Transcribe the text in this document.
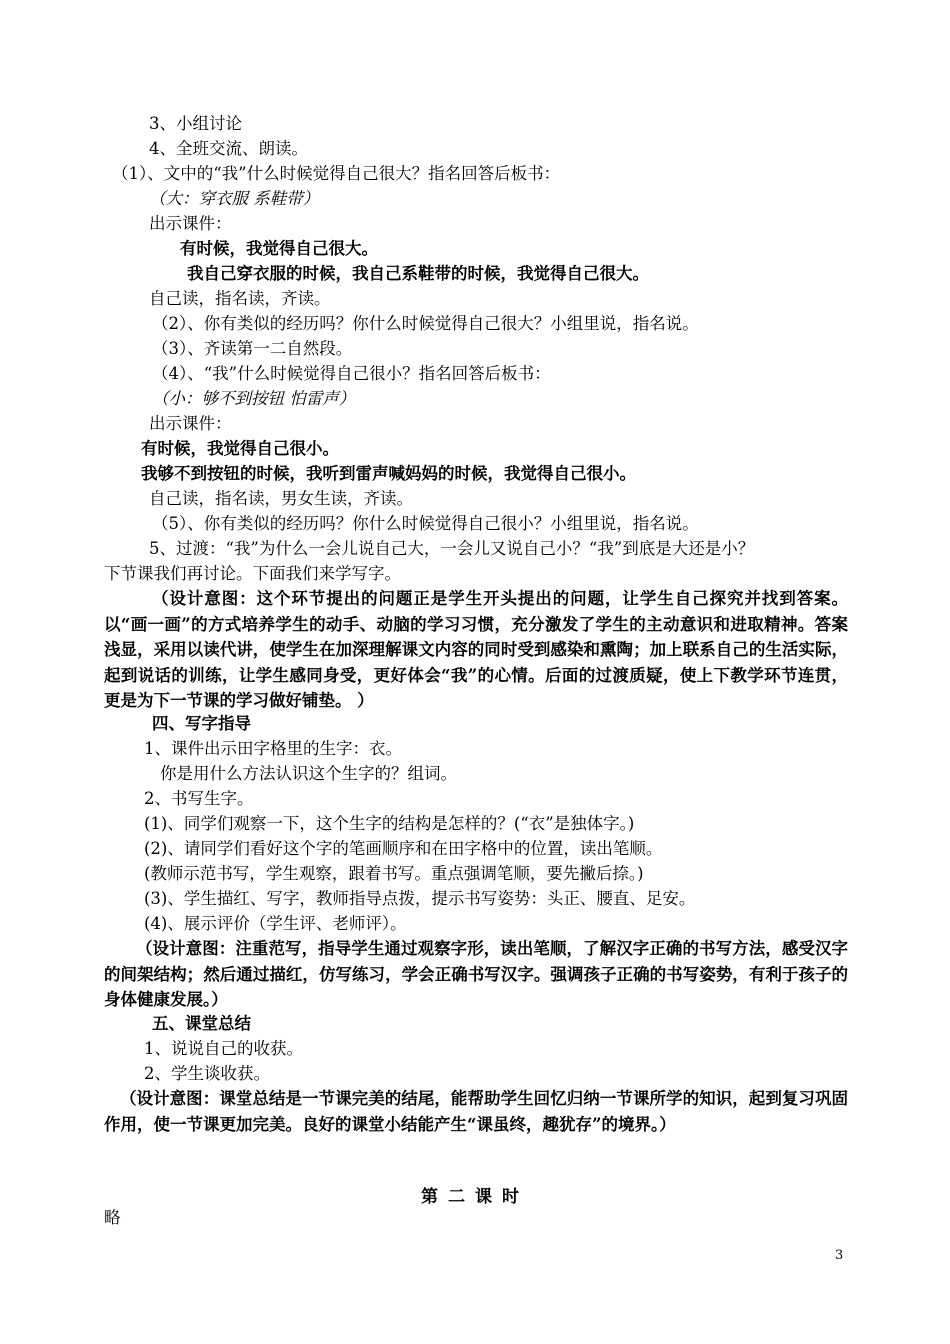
3、小组讨论
4、全班交流、朗读。
（1）、文中的“我”什么时候觉得自己很大？指名回答后板书：
（大：穿衣服 系鞋带）
出示课件：
有时候，我觉得自己很大。
我自己穿衣服的时候，我自己系鞋带的时候，我觉得自己很大。
自己读，指名读，齐读。
（2）、你有类似的经历吗？你什么时候觉得自己很大？小组里说，指名说。
（3）、齐读第一二自然段。
（4）、“我”什么时候觉得自己很小？指名回答后板书：
（小：够不到按钮 怕雷声）
出示课件：
有时候，我觉得自己很小。
我够不到按钮的时候，我听到雷声喊妈妈的时候，我觉得自己很小。
自己读，指名读，男女生读，齐读。
（5）、你有类似的经历吗？你什么时候觉得自己很小？小组里说，指名说。
5、过渡：“我”为什么一会儿说自己大，一会儿又说自己小？“我”到底是大还是小？
下节课我们再讨论。下面我们来学写字。
（设计意图：这个环节提出的问题正是学生开头提出的问题，让学生自己探究并找到答案。以“画一画”的方式培养学生的动手、动脑的学习习惯，充分激发了学生的主动意识和进取精神。答案浅显，采用以读代讲，使学生在加深理解课文内容的同时受到感染和熏陶；加上联系自己的生活实际，起到说话的训练，让学生感同身受，更好体会“我”的心情。后面的过渡质疑，使上下教学环节连贯，更是为下一节课的学习做好铺垫。 ）
四、写字指导
1、课件出示田字格里的生字：衣。
你是用什么方法认识这个生字的？组词。
2、书写生字。
(1)、同学们观察一下，这个生字的结构是怎样的？(“衣”是独体字。)
(2)、请同学们看好这个字的笔画顺序和在田字格中的位置，读出笔顺。
(教师示范书写，学生观察，跟着书写。重点强调笔顺，要先撇后捺。)
(3)、学生描红、写字，教师指导点拨，提示书写姿势：头正、腰直、足安。
(4)、展示评价（学生评、老师评）。
（设计意图：注重范写，指导学生通过观察字形，读出笔顺，了解汉字正确的书写方法，感受汉字的间架结构；然后通过描红，仿写练习，学会正确书写汉字。强调孩子正确的书写姿势，有利于孩子的身体健康发展。）
五、课堂总结
1、说说自己的收获。
2、学生谈收获。
（设计意图：课堂总结是一节课完美的结尾，能帮助学生回忆归纳一节课所学的知识，起到复习巩固作用，使一节课更加完美。良好的课堂小结能产生“课虽终，趣犹存”的境界。）
第二课时
略
3
